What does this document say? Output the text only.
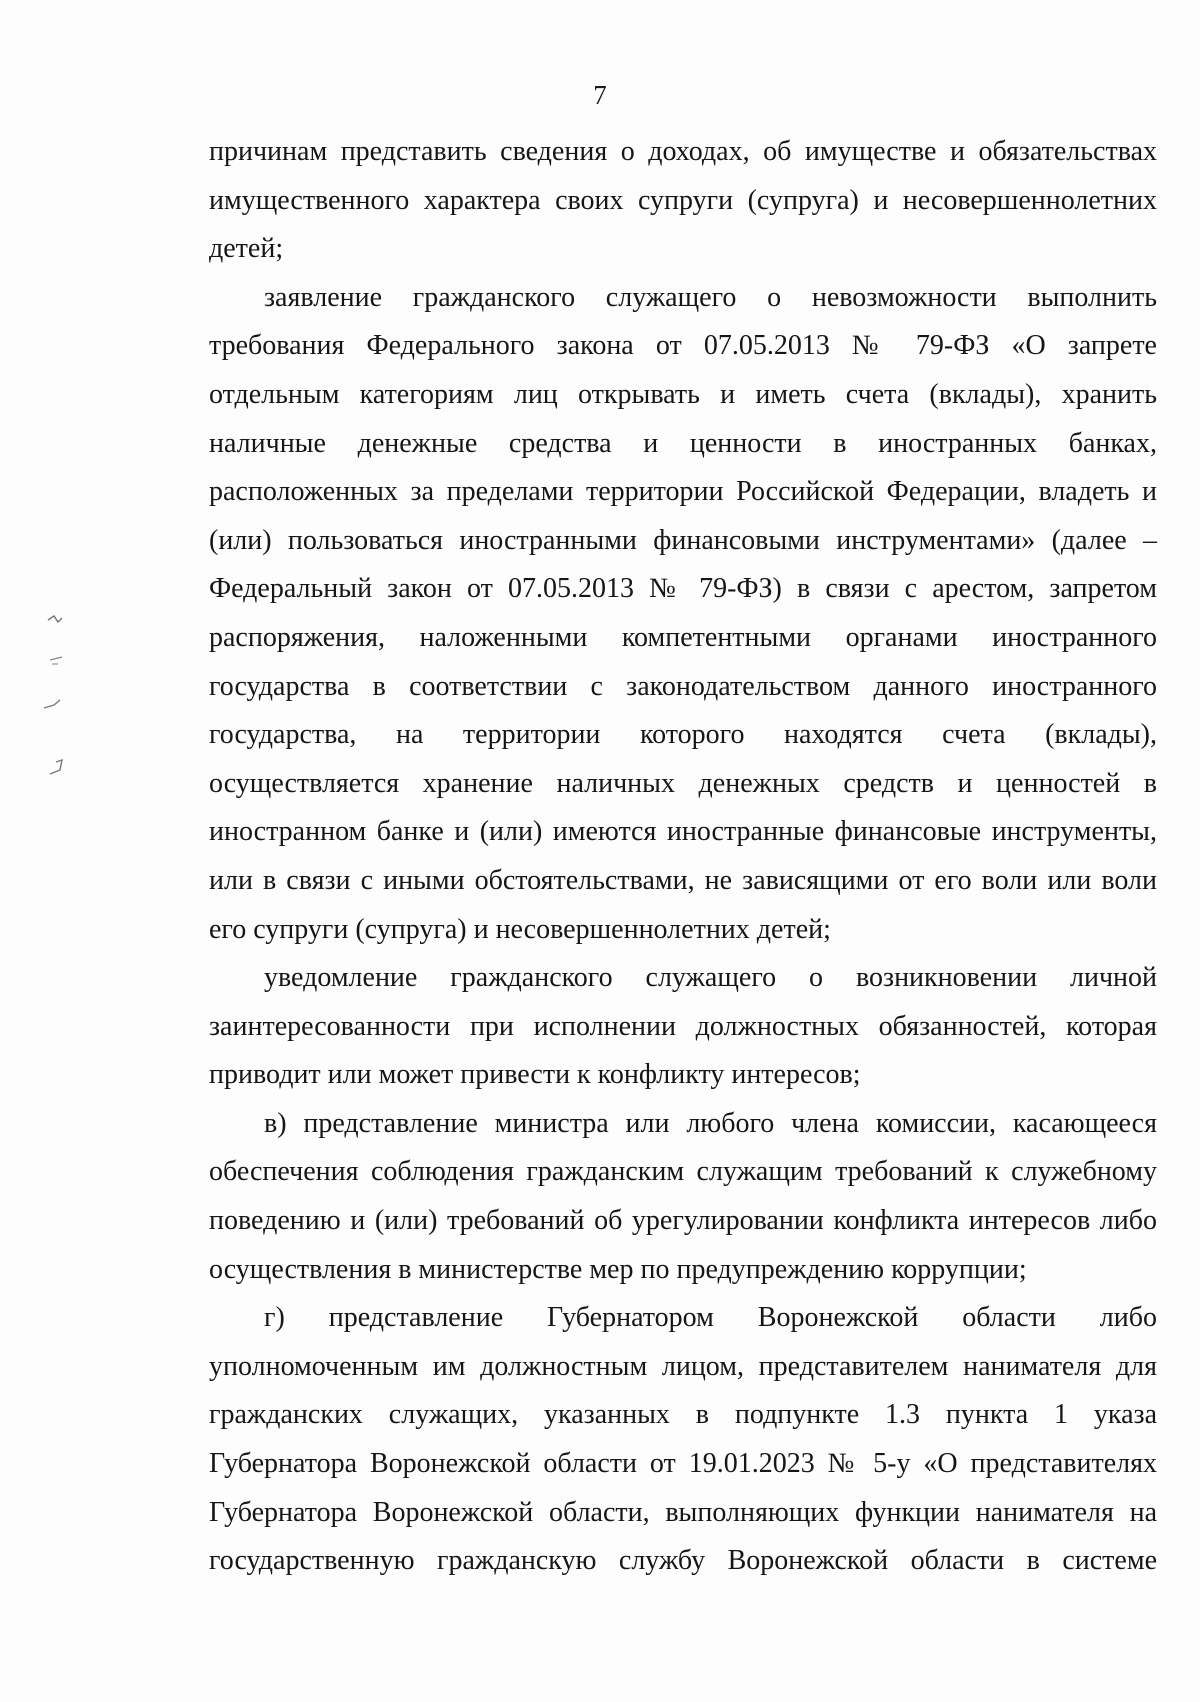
7

причинам представить сведения о доходах, об имуществе и обязательствах имущественного характера своих супруги (супруга) и несовершеннолетних детей;

заявление гражданского служащего о невозможности выполнить требования Федерального закона от 07.05.2013 № 79-ФЗ «О запрете отдельным категориям лиц открывать и иметь счета (вклады), хранить наличные денежные средства и ценности в иностранных банках, расположенных за пределами территории Российской Федерации, владеть и (или) пользоваться иностранными финансовыми инструментами» (далее – Федеральный закон от 07.05.2013 № 79-ФЗ) в связи с арестом, запретом распоряжения, наложенными компетентными органами иностранного государства в соответствии с законодательством данного иностранного государства, на территории которого находятся счета (вклады), осуществляется хранение наличных денежных средств и ценностей в иностранном банке и (или) имеются иностранные финансовые инструменты, или в связи с иными обстоятельствами, не зависящими от его воли или воли его супруги (супруга) и несовершеннолетних детей;

уведомление гражданского служащего о возникновении личной заинтересованности при исполнении должностных обязанностей, которая приводит или может привести к конфликту интересов;

в) представление министра или любого члена комиссии, касающееся обеспечения соблюдения гражданским служащим требований к служебному поведению и (или) требований об урегулировании конфликта интересов либо осуществления в министерстве мер по предупреждению коррупции;

г) представление Губернатором Воронежской области либо уполномоченным им должностным лицом, представителем нанимателя для гражданских служащих, указанных в подпункте 1.3 пункта 1 указа Губернатора Воронежской области от 19.01.2023 № 5-у «О представителях Губернатора Воронежской области, выполняющих функции нанимателя на государственную гражданскую службу Воронежской области в системе
